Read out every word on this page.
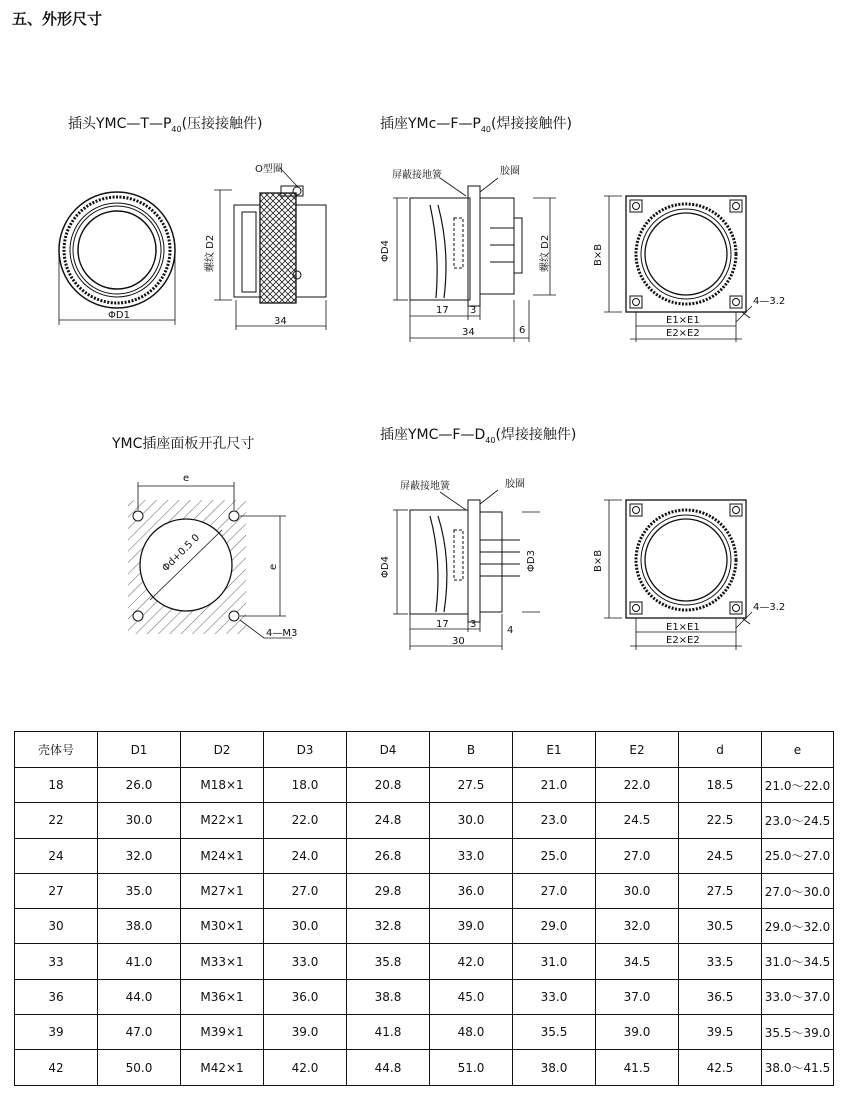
五、外形尺寸
插头$YMC—T—P_{40}$(压接接触件)	插座$YMc—F—P_{40}$(焊接接触件)
YMC插座面板开孔尺寸
插座$YMC—F—D_{40}$(焊接接触件)
ΦD1
O型圈
螺纹 D2
34
屏蔽接地簧	胶圈
ΦD4	螺纹 D2
17 3
6
34
B×B
4—3.2
E1×E1
E2×E2
e
e
Φd+0.5 0
4—M3
屏蔽接地簧	胶圈
ΦD4	ΦD3
17 3
4
30
B×B
4—3.2
E1×E1
E2×E2
壳体号	D1	D2	D3	D4	B	E1	E2	d	e
18	26.0	M18×1	18.0	20.8	27.5	21.0	22.0	18.5	21.0～22.0
22	30.0	M22×1	22.0	24.8	30.0	23.0	24.5	22.5	23.0～24.5
24	32.0	M24×1	24.0	26.8	33.0	25.0	27.0	24.5	25.0～27.0
27	35.0	M27×1	27.0	29.8	36.0	27.0	30.0	27.5	27.0～30.0
30	38.0	M30×1	30.0	32.8	39.0	29.0	32.0	30.5	29.0～32.0
33	41.0	M33×1	33.0	35.8	42.0	31.0	34.5	33.5	31.0～34.5
36	44.0	M36×1	36.0	38.8	45.0	33.0	37.0	36.5	33.0～37.0
39	47.0	M39×1	39.0	41.8	48.0	35.5	39.0	39.5	35.5～39.0
42	50.0	M42×1	42.0	44.8	51.0	38.0	41.5	42.5	38.0～41.5
